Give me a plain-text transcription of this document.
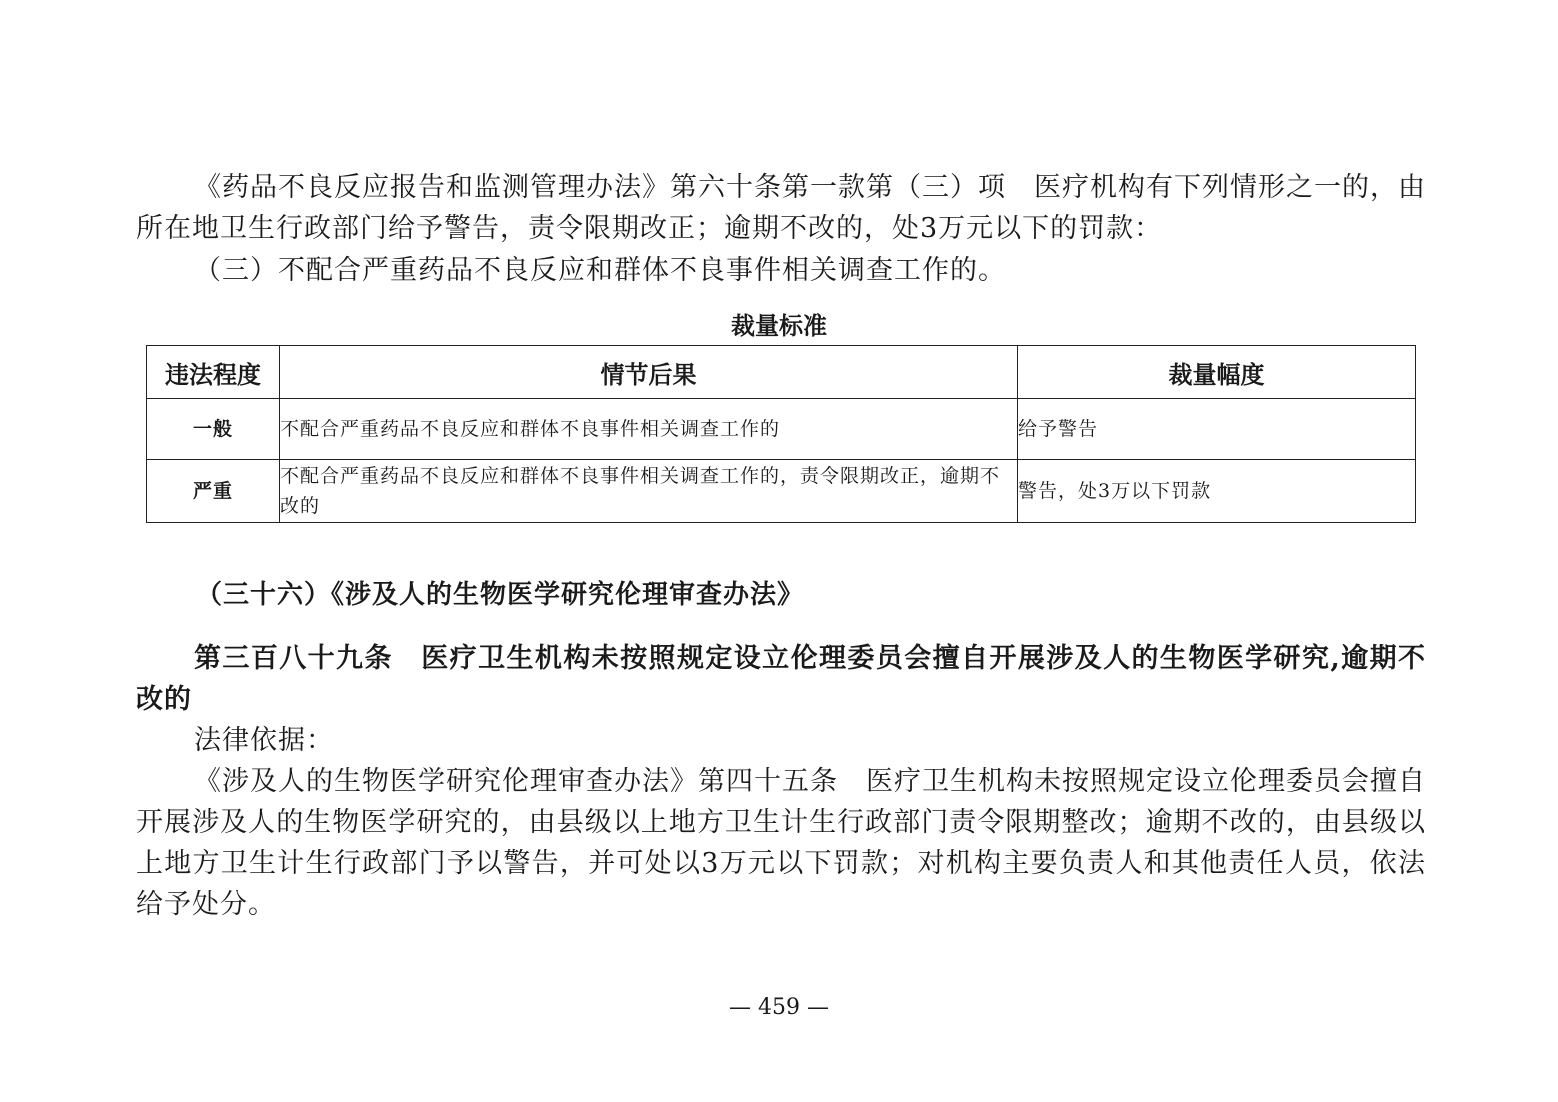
《药品不良反应报告和监测管理办法》第六十条第一款第（三）项　医疗机构有下列情形之一的，由所在地卫生行政部门给予警告，责令限期改正；逾期不改的，处3万元以下的罚款：
（三）不配合严重药品不良反应和群体不良事件相关调查工作的。
裁量标准
违法程度	情节后果	裁量幅度
一般	不配合严重药品不良反应和群体不良事件相关调查工作的	给予警告
严重	不配合严重药品不良反应和群体不良事件相关调查工作的，责令限期改正，逾期不改的	警告，处3万以下罚款
（三十六）《涉及人的生物医学研究伦理审查办法》
第三百八十九条　医疗卫生机构未按照规定设立伦理委员会擅自开展涉及人的生物医学研究,逾期不改的
法律依据：
《涉及人的生物医学研究伦理审查办法》第四十五条　医疗卫生机构未按照规定设立伦理委员会擅自开展涉及人的生物医学研究的，由县级以上地方卫生计生行政部门责令限期整改；逾期不改的，由县级以上地方卫生计生行政部门予以警告，并可处以3万元以下罚款；对机构主要负责人和其他责任人员，依法给予处分。
— 459 —
